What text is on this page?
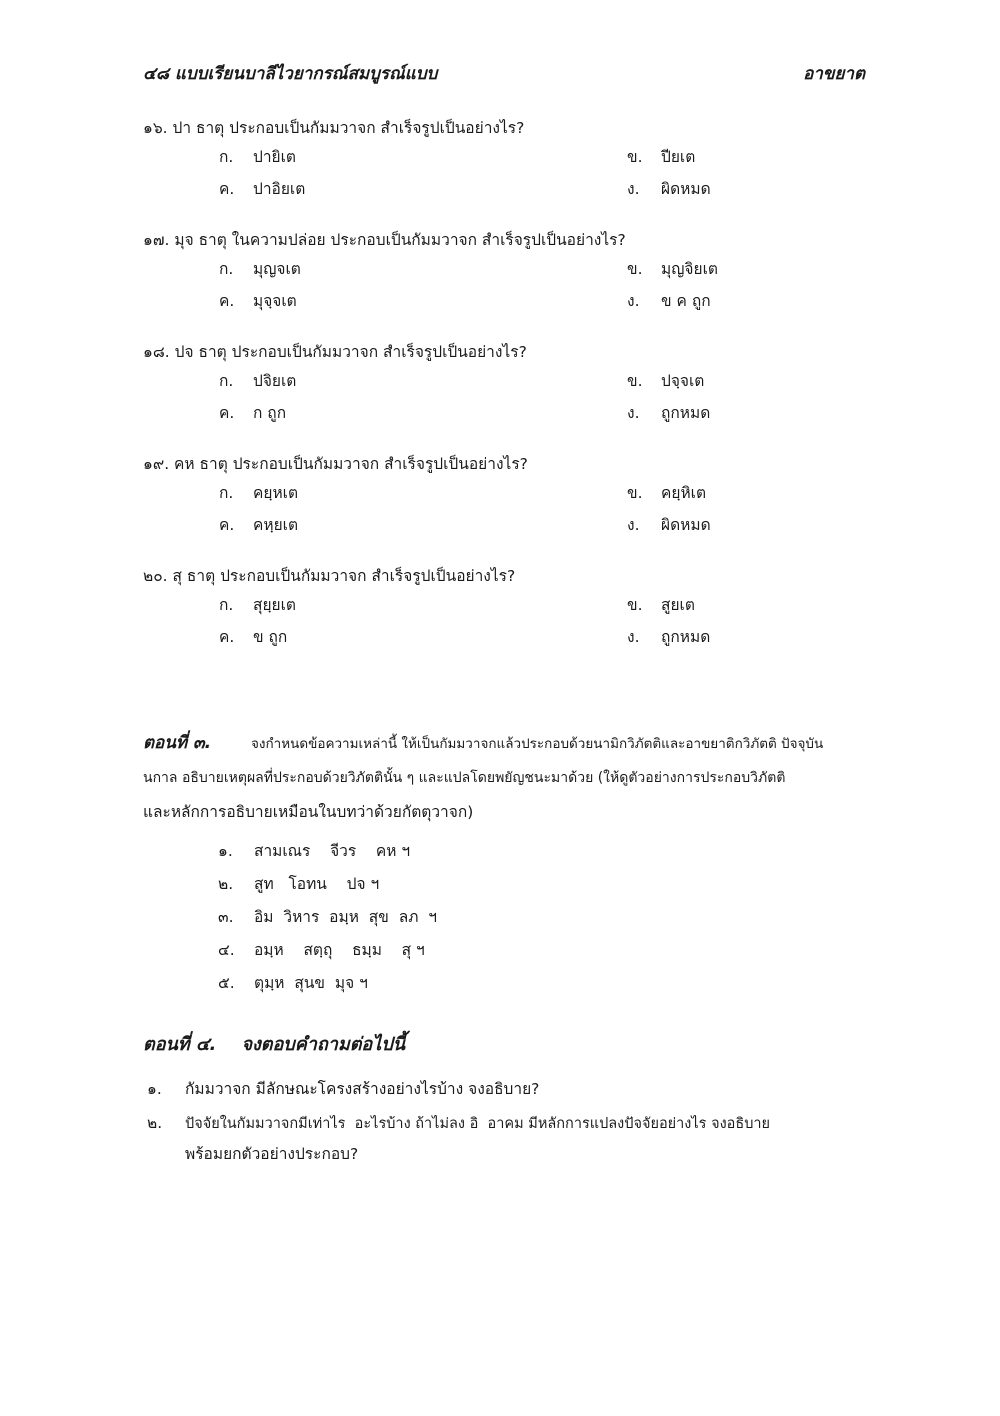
๔๘ แบบเรียนบาลีไวยากรณ์สมบูรณ์แบบ	อาขยาต
๑๖. ปา ธาตุ ประกอบเป็นกัมมวาจก สำเร็จรูปเป็นอย่างไร?
ก. ปายิเต	ข. ปียเต
ค. ปาอิยเต	ง. ผิดหมด
๑๗. มุจ ธาตุ ในความปล่อย ประกอบเป็นกัมมวาจก สำเร็จรูปเป็นอย่างไร?
ก. มุญจเต	ข. มุญจิยเต
ค. มุจฺจเต	ง. ข ค ถูก
๑๘. ปจ ธาตุ ประกอบเป็นกัมมวาจก สำเร็จรูปเป็นอย่างไร?
ก. ปจิยเต	ข. ปจฺจเต
ค. ก ถูก	ง. ถูกหมด
๑๙. คห ธาตุ ประกอบเป็นกัมมวาจก สำเร็จรูปเป็นอย่างไร?
ก. คยฺหเต	ข. คยฺหิเต
ค. คหฺยเต	ง. ผิดหมด
๒๐. สุ ธาตุ ประกอบเป็นกัมมวาจก สำเร็จรูปเป็นอย่างไร?
ก. สุยฺยเต	ข. สูยเต
ค. ข ถูก	ง. ถูกหมด

ตอนที่ ๓.	จงกำหนดข้อความเหล่านี้ ให้เป็นกัมมวาจกแล้วประกอบด้วยนามิกวิภัตติและอาขยาติกวิภัตติ ปัจจุบัน

นกาล อธิบายเหตุผลที่ประกอบด้วยวิภัตตินั้น ๆ และแปลโดยพยัญชนะมาด้วย (ให้ดูตัวอย่างการประกอบวิภัตติ

และหลักการอธิบายเหมือนในบทว่าด้วยกัตตุวาจก)

๑. สามเณร    จีวร    คห ฯ
๒. สูท   โอทน    ปจ ฯ
๓. อิม  วิหาร  อมฺห  สุข  ลภ  ฯ
๔. อมฺห    สตฺถุ    ธมฺม    สุ ฯ
๕. ตุมฺห  สุนข  มุจ ฯ
ตอนที่ ๔.    จงตอบคำถามต่อไปนี้
๑. กัมมวาจก มีลักษณะโครงสร้างอย่างไรบ้าง จงอธิบาย?
๒. ปัจจัยในกัมมวาจกมีเท่าไร  อะไรบ้าง ถ้าไม่ลง อิ  อาคม มีหลักการแปลงปัจจัยอย่างไร จงอธิบาย
พร้อมยกตัวอย่างประกอบ?
